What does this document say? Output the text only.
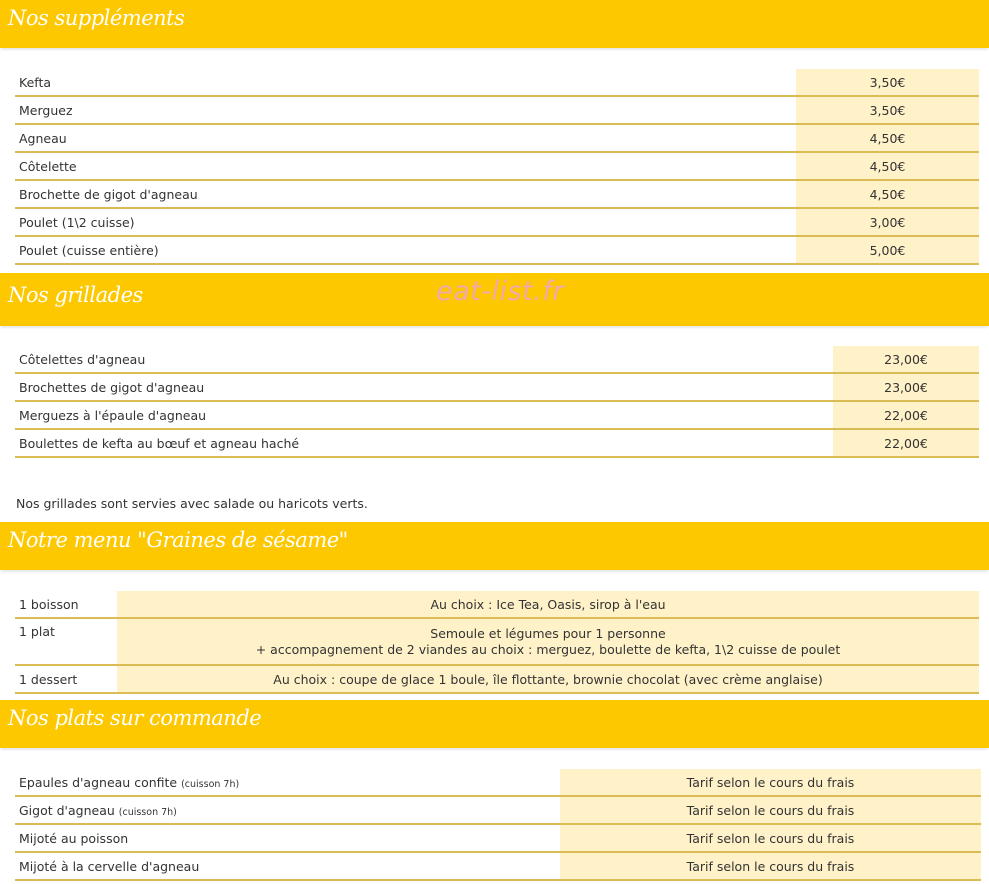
Nos suppléments
Kefta	3,50€
Merguez	3,50€
Agneau	4,50€
Côtelette	4,50€
Brochette de gigot d'agneau	4,50€
Poulet (1\2 cuisse)	3,00€
Poulet (cuisse entière)	5,00€
Nos grillades	eat-list.fr
Côtelettes d'agneau	23,00€
Brochettes de gigot d'agneau	23,00€
Merguezs à l'épaule d'agneau	22,00€
Boulettes de kefta au bœuf et agneau haché	22,00€
Nos grillades sont servies avec salade ou haricots verts.
Notre menu "Graines de sésame"
1 boisson	Au choix : Ice Tea, Oasis, sirop à l'eau
1 plat	Semoule et légumes pour 1 personne
+ accompagnement de 2 viandes au choix : merguez, boulette de kefta, 1\2 cuisse de poulet

1 dessert	Au choix : coupe de glace 1 boule, île flottante, brownie chocolat (avec crème anglaise)
Nos plats sur commande
Epaules d'agneau confite (cuisson 7h)	Tarif selon le cours du frais
Gigot d'agneau (cuisson 7h)	Tarif selon le cours du frais
Mijoté au poisson	Tarif selon le cours du frais
Mijoté à la cervelle d'agneau	Tarif selon le cours du frais
